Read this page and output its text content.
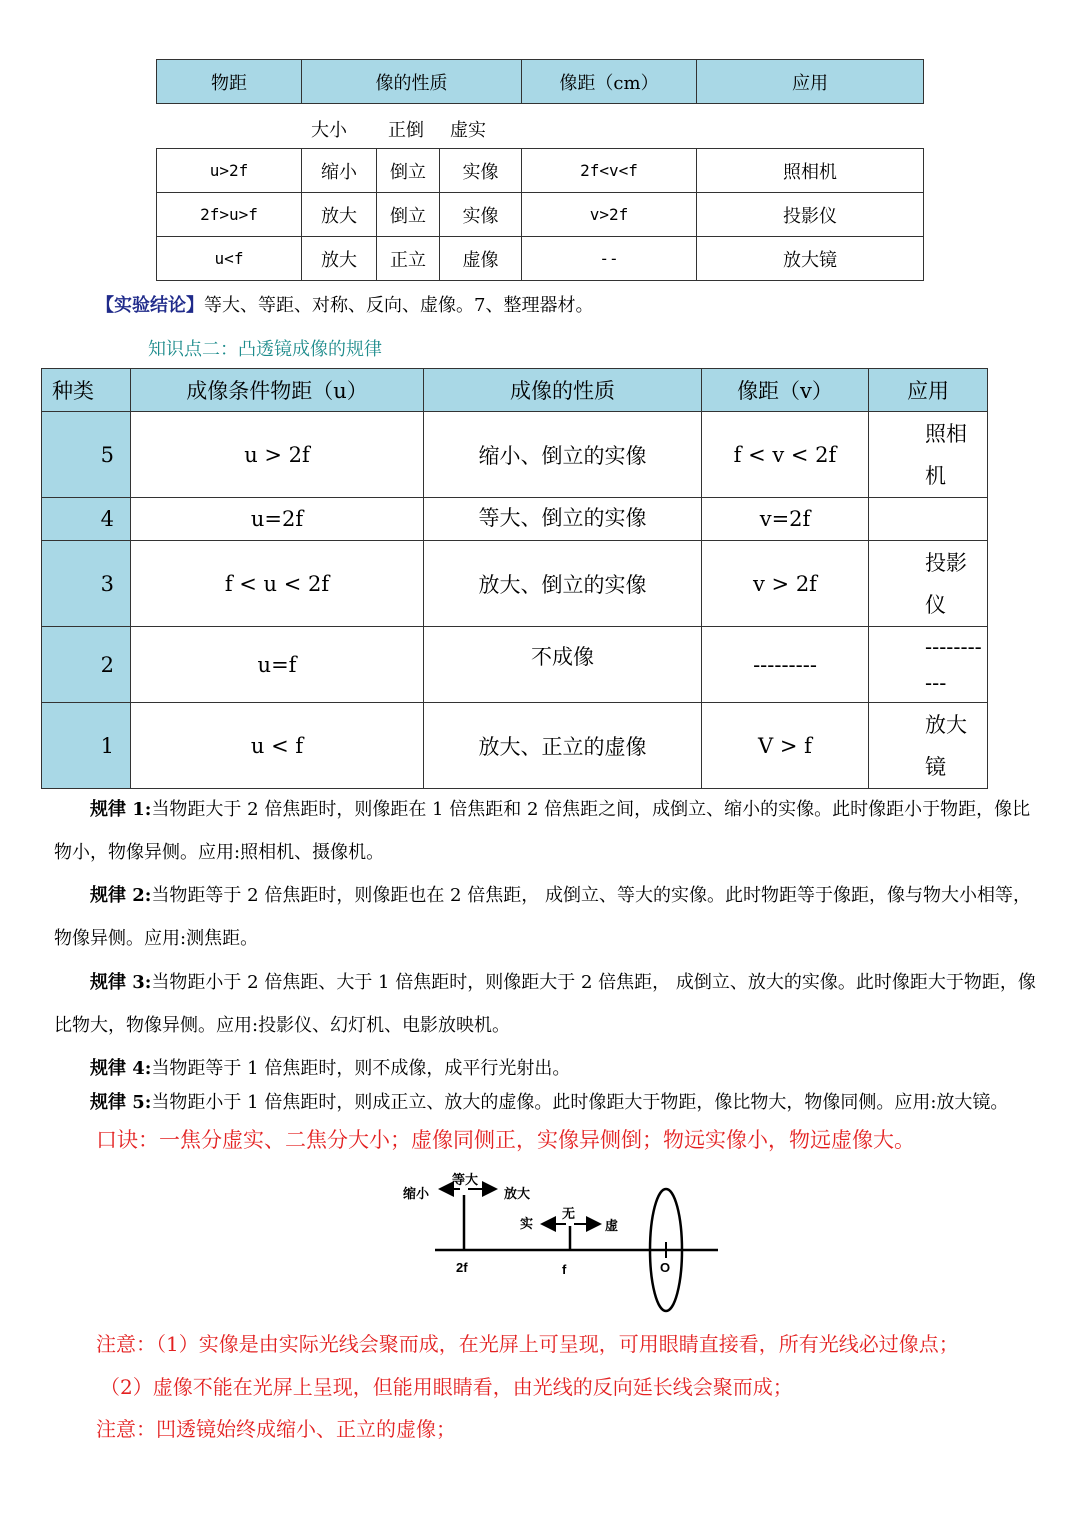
物距	像的性质	像距（cm）	应用
大小 正倒 虚实
u>2f	缩小	倒立	实像	2f<v<f	照相机
2f>u>f	放大	倒立	实像	v>2f	投影仪
u<f	放大	正立	虚像	--	放大镜
【实验结论】等大、等距、对称、反向、虚像。7、整理器材。
知识点二：凸透镜成像的规律
种类	成像条件物距（u）	成像的性质	像距（v）	应用
5	u > 2f	缩小、倒立的实像	f < v < 2f	照相
机

4	u=2f	等大、倒立的实像	v=2f	

3	f < u < 2f	放大、倒立的实像	v > 2f	投影
仪

2	u=f	不成像	---------	--------
---

1	u < f	放大、正立的虚像	V > f	放大
镜
规律 1:当物距大于 2 倍焦距时，则像距在 1 倍焦距和 2 倍焦距之间，成倒立、缩小的实像。此时像距小于物距，像比物小，物像异侧。应用:照相机、摄像机。
规律 2:当物距等于 2 倍焦距时，则像距也在 2 倍焦距， 成倒立、等大的实像。此时物距等于像距，像与物大小相等，物像异侧。应用:测焦距。
规律 3:当物距小于 2 倍焦距、大于 1 倍焦距时，则像距大于 2 倍焦距， 成倒立、放大的实像。此时像距大于物距，像比物大，物像异侧。应用:投影仪、幻灯机、电影放映机。
规律 4:当物距等于 1 倍焦距时，则不成像，成平行光射出。
规律 5:当物距小于 1 倍焦距时，则成正立、放大的虚像。此时像距大于物距，像比物大，物像同侧。应用:放大镜。
口诀：一焦分虚实、二焦分大小；虚像同侧正，实像异侧倒；物远实像小，物远虚像大。
缩小
等大
放大
实
无
虚
2f	f	O
注意：（1）实像是由实际光线会聚而成，在光屏上可呈现，可用眼睛直接看，所有光线必过像点；
（2）虚像不能在光屏上呈现，但能用眼睛看，由光线的反向延长线会聚而成；
注意：凹透镜始终成缩小、正立的虚像；
